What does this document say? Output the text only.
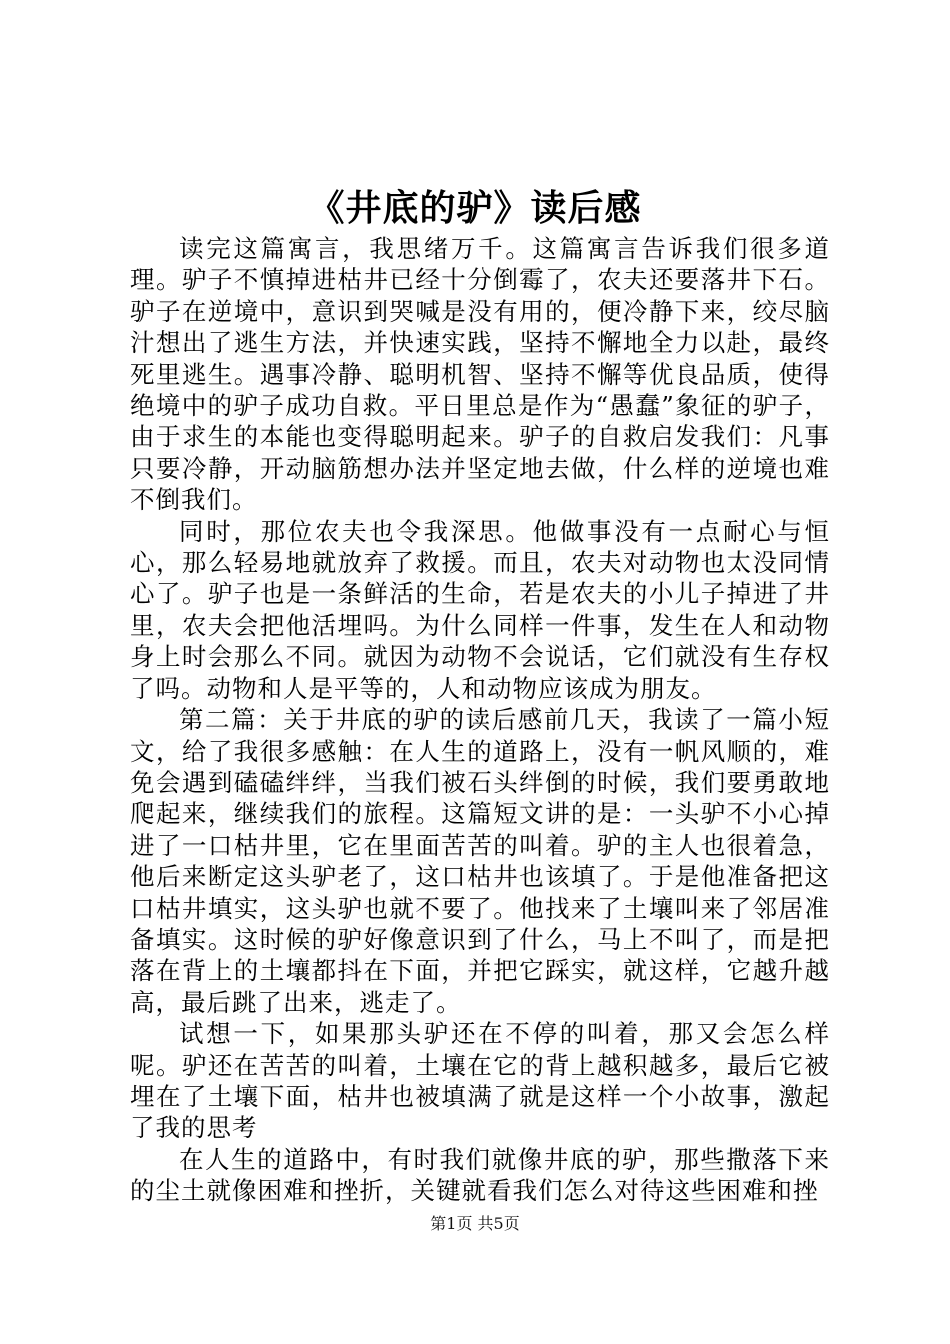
《井底的驴》读后感

读完这篇寓言，我思绪万千。这篇寓言告诉我们很多道理。驴子不慎掉进枯井已经十分倒霉了，农夫还要落井下石。驴子在逆境中，意识到哭喊是没有用的，便冷静下来，绞尽脑汁想出了逃生方法，并快速实践，坚持不懈地全力以赴，最终死里逃生。遇事冷静、聪明机智、坚持不懈等优良品质，使得绝境中的驴子成功自救。平日里总是作为“愚蠢”象征的驴子，由于求生的本能也变得聪明起来。驴子的自救启发我们：凡事只要冷静，开动脑筋想办法并坚定地去做，什么样的逆境也难不倒我们。

同时，那位农夫也令我深思。他做事没有一点耐心与恒心，那么轻易地就放弃了救援。而且，农夫对动物也太没同情心了。驴子也是一条鲜活的生命，若是农夫的小儿子掉进了井里，农夫会把他活埋吗。为什么同样一件事，发生在人和动物身上时会那么不同。就因为动物不会说话，它们就没有生存权了吗。动物和人是平等的，人和动物应该成为朋友。

第二篇：关于井底的驴的读后感前几天，我读了一篇小短文，给了我很多感触：在人生的道路上，没有一帆风顺的，难免会遇到磕磕绊绊，当我们被石头绊倒的时候，我们要勇敢地爬起来，继续我们的旅程。这篇短文讲的是：一头驴不小心掉进了一口枯井里，它在里面苦苦的叫着。驴的主人也很着急，他后来断定这头驴老了，这口枯井也该填了。于是他准备把这口枯井填实，这头驴也就不要了。他找来了土壤叫来了邻居准备填实。这时候的驴好像意识到了什么，马上不叫了，而是把落在背上的土壤都抖在下面，并把它踩实，就这样，它越升越高，最后跳了出来，逃走了。

试想一下，如果那头驴还在不停的叫着，那又会怎么样呢。驴还在苦苦的叫着，土壤在它的背上越积越多，最后它被埋在了土壤下面，枯井也被填满了就是这样一个小故事，激起了我的思考

在人生的道路中，有时我们就像井底的驴，那些撒落下来的尘土就像困难和挫折，关键就看我们怎么对待这些困难和挫

第1页 共5页
